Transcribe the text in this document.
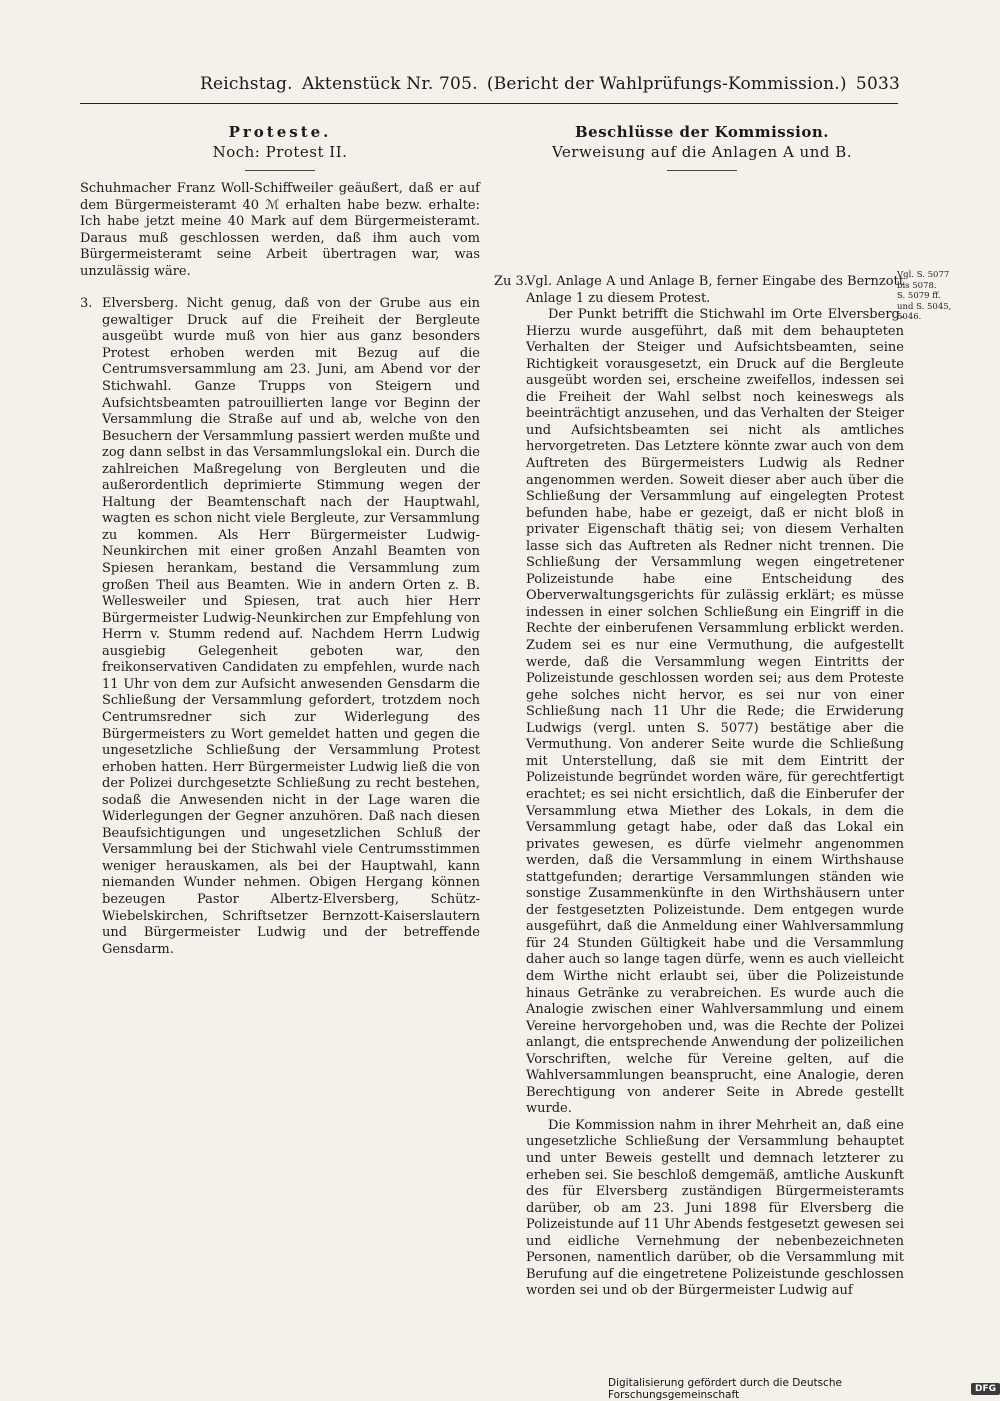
Reichstag. Aktenstück Nr. 705. (Bericht der Wahlprüfungs-Kommission.) 5033
Proteste.
Noch: Protest II.

Schuhmacher Franz Woll-Schiffweiler geäußert, daß er auf dem Bürgermeisteramt 40 ℳ erhalten habe bezw. erhalte: Ich habe jetzt meine 40 Mark auf dem Bürgermeisteramt. Daraus muß geschlossen werden, daß ihm auch vom Bürgermeisteramt seine Arbeit übertragen war, was unzulässig wäre.

3. Elversberg. Nicht genug, daß von der Grube aus ein gewaltiger Druck auf die Freiheit der Bergleute ausgeübt wurde muß von hier aus ganz besonders Protest erhoben werden mit Bezug auf die Centrumsversammlung am 23. Juni, am Abend vor der Stichwahl. Ganze Trupps von Steigern und Aufsichtsbeamten patrouillierten lange vor Beginn der Versammlung die Straße auf und ab, welche von den Besuchern der Versammlung passiert werden mußte und zog dann selbst in das Versammlungslokal ein. Durch die zahlreichen Maßregelung von Bergleuten und die außerordentlich deprimierte Stimmung wegen der Haltung der Beamtenschaft nach der Hauptwahl, wagten es schon nicht viele Bergleute, zur Versammlung zu kommen. Als Herr Bürgermeister Ludwig-Neunkirchen mit einer großen Anzahl Beamten von Spiesen herankam, bestand die Versammlung zum großen Theil aus Beamten. Wie in andern Orten z. B. Wellesweiler und Spiesen, trat auch hier Herr Bürgermeister Ludwig-Neunkirchen zur Empfehlung von Herrn v. Stumm redend auf. Nachdem Herrn Ludwig ausgiebig Gelegenheit geboten war, den freikonservativen Candidaten zu empfehlen, wurde nach 11 Uhr von dem zur Aufsicht anwesenden Gensdarm die Schließung der Versammlung gefordert, trotzdem noch Centrumsredner sich zur Widerlegung des Bürgermeisters zu Wort gemeldet hatten und gegen die ungesetzliche Schließung der Versammlung Protest erhoben hatten. Herr Bürgermeister Ludwig ließ die von der Polizei durchgesetzte Schließung zu recht bestehen, sodaß die Anwesenden nicht in der Lage waren die Widerlegungen der Gegner anzuhören. Daß nach diesen Beaufsichtigungen und ungesetzlichen Schluß der Versammlung bei der Stichwahl viele Centrumsstimmen weniger herauskamen, als bei der Hauptwahl, kann niemanden Wunder nehmen. Obigen Hergang können bezeugen Pastor Albertz-Elversberg, Schütz-Wiebelskirchen, Schriftsetzer Bernzott-Kaiserslautern und Bürgermeister Ludwig und der betreffende Gensdarm.

Beschlüsse der Kommission.
Verweisung auf die Anlagen A und B.
Zu 3.

Vgl. Anlage A und Anlage B, ferner Eingabe des Bernzott Anlage 1 zu diesem Protest.

Der Punkt betrifft die Stichwahl im Orte Elversberg. Hierzu wurde ausgeführt, daß mit dem behaupteten Verhalten der Steiger und Aufsichtsbeamten, seine Richtigkeit vorausgesetzt, ein Druck auf die Bergleute ausgeübt worden sei, erscheine zweifellos, indessen sei die Freiheit der Wahl selbst noch keineswegs als beeinträchtigt anzusehen, und das Verhalten der Steiger und Aufsichtsbeamten sei nicht als amtliches hervorgetreten. Das Letztere könnte zwar auch von dem Auftreten des Bürgermeisters Ludwig als Redner angenommen werden. Soweit dieser aber auch über die Schließung der Versammlung auf eingelegten Protest befunden habe, habe er gezeigt, daß er nicht bloß in privater Eigenschaft thätig sei; von diesem Verhalten lasse sich das Auftreten als Redner nicht trennen. Die Schließung der Versammlung wegen eingetretener Polizeistunde habe eine Entscheidung des Oberverwaltungsgerichts für zulässig erklärt; es müsse indessen in einer solchen Schließung ein Eingriff in die Rechte der einberufenen Versammlung erblickt werden. Zudem sei es nur eine Vermuthung, die aufgestellt werde, daß die Versammlung wegen Eintritts der Polizeistunde geschlossen worden sei; aus dem Proteste gehe solches nicht hervor, es sei nur von einer Schließung nach 11 Uhr die Rede; die Erwiderung Ludwigs (vergl. unten S. 5077) bestätige aber die Vermuthung. Von anderer Seite wurde die Schließung mit Unterstellung, daß sie mit dem Eintritt der Polizeistunde begründet worden wäre, für gerechtfertigt erachtet; es sei nicht ersichtlich, daß die Einberufer der Versammlung etwa Miether des Lokals, in dem die Versammlung getagt habe, oder daß das Lokal ein privates gewesen, es dürfe vielmehr angenommen werden, daß die Versammlung in einem Wirthshause stattgefunden; derartige Versammlungen ständen wie sonstige Zusammenkünfte in den Wirthshäusern unter der festgesetzten Polizeistunde. Dem entgegen wurde ausgeführt, daß die Anmeldung einer Wahlversammlung für 24 Stunden Gültigkeit habe und die Versammlung daher auch so lange tagen dürfe, wenn es auch vielleicht dem Wirthe nicht erlaubt sei, über die Polizeistunde hinaus Getränke zu verabreichen. Es wurde auch die Analogie zwischen einer Wahlversammlung und einem Vereine hervorgehoben und, was die Rechte der Polizei anlangt, die entsprechende Anwendung der polizeilichen Vorschriften, welche für Vereine gelten, auf die Wahlversammlungen beansprucht, eine Analogie, deren Berechtigung von anderer Seite in Abrede gestellt wurde.

Die Kommission nahm in ihrer Mehrheit an, daß eine ungesetzliche Schließung der Versammlung behauptet und unter Beweis gestellt und demnach letzterer zu erheben sei. Sie beschloß demgemäß, amtliche Auskunft des für Elversberg zuständigen Bürgermeisteramts darüber, ob am 23. Juni 1898 für Elversberg die Polizeistunde auf 11 Uhr Abends festgesetzt gewesen sei und eidliche Vernehmung der nebenbezeichneten Personen, namentlich darüber, ob die Versammlung mit Berufung auf die eingetretene Polizeistunde geschlossen worden sei und ob der Bürgermeister Ludwig auf

Vgl. S. 5077
bis 5078.
S. 5079 ff.
und S. 5045,
5046.
Digitalisierung gefördert durch die Deutsche Forschungsgemeinschaft	DFG
